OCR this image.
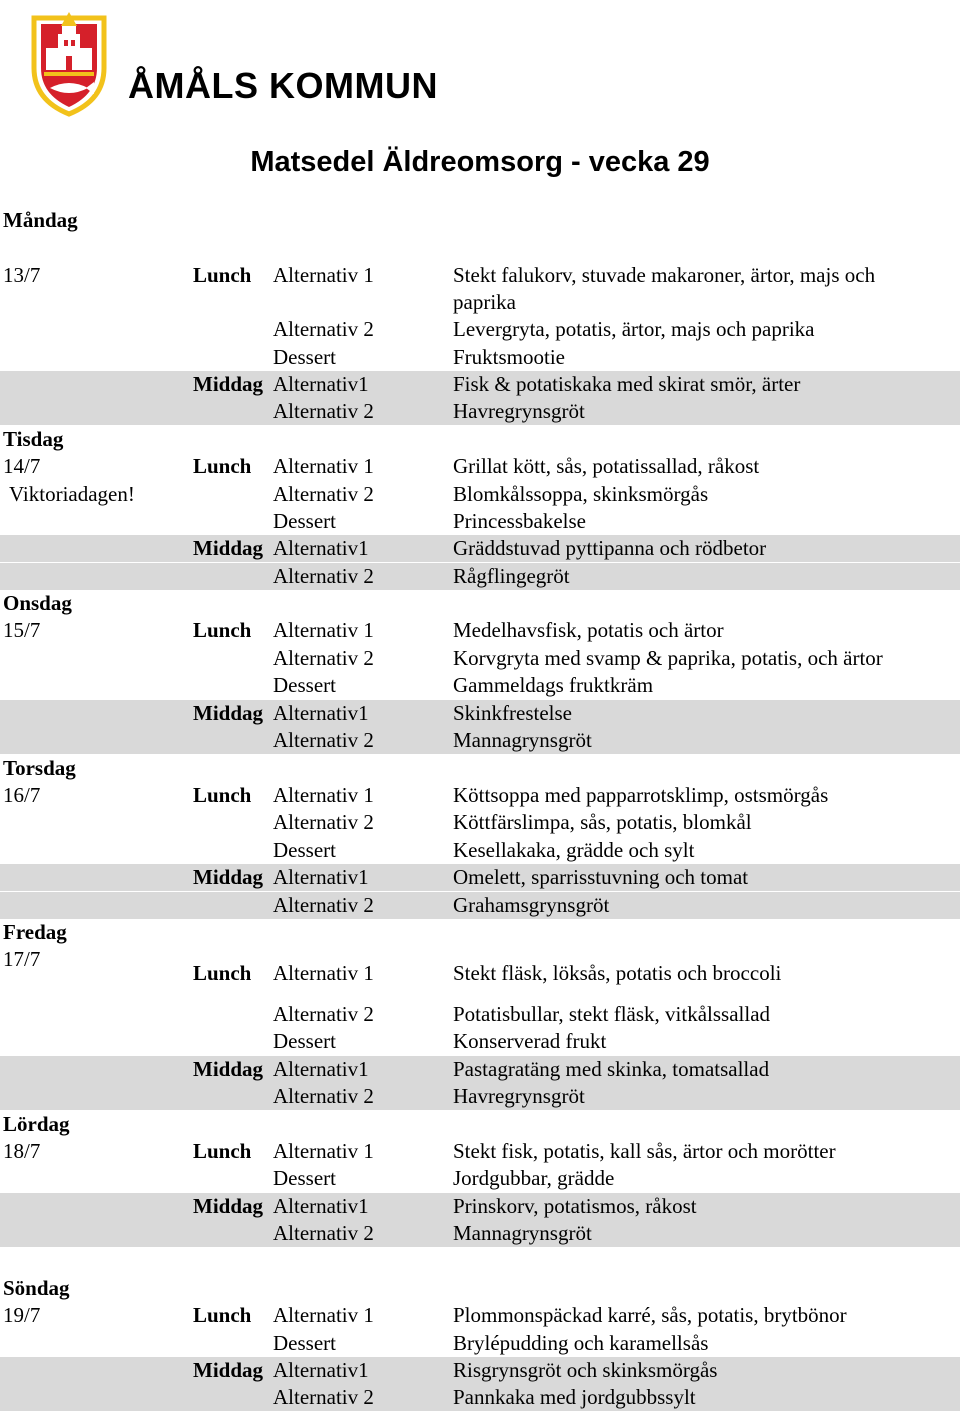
ÅMÅLS KOMMUN
Matsedel Äldreomsorg - vecka 29
Måndag
13/7	Lunch Alternativ 1	Stekt falukorv, stuvade makaroner, ärtor, majs och
paprika
Alternativ 2	Levergryta, potatis, ärtor, majs och paprika
Dessert	Fruktsmootie
Middag Alternativ1	Fisk & potatiskaka med skirat smör, ärter
Alternativ 2	Havregrynsgröt
Tisdag
14/7	Lunch Alternativ 1	Grillat kött, sås, potatissallad, råkost
Viktoriadagen!	Alternativ 2	Blomkålssoppa, skinksmörgås
Dessert	Princessbakelse
Middag Alternativ1	Gräddstuvad pyttipanna och rödbetor
Alternativ 2	Rågflingegröt
Onsdag
15/7	Lunch Alternativ 1	Medelhavsfisk, potatis och ärtor
Alternativ 2	Korvgryta med svamp & paprika, potatis, och ärtor
Dessert	Gammeldags fruktkräm
Middag Alternativ1	Skinkfrestelse
Alternativ 2	Mannagrynsgröt
Torsdag
16/7	Lunch Alternativ 1	Köttsoppa med papparrotsklimp, ostsmörgås
Alternativ 2	Köttfärslimpa, sås, potatis, blomkål
Dessert	Kesellakaka, grädde och sylt
Middag Alternativ1	Omelett, sparrisstuvning och tomat
Alternativ 2	Grahamsgrynsgröt
Fredag
17/7
Lunch Alternativ 1	Stekt fläsk, löksås, potatis och broccoli
Alternativ 2	Potatisbullar, stekt fläsk, vitkålssallad
Dessert	Konserverad frukt
Middag Alternativ1	Pastagratäng med skinka, tomatsallad
Alternativ 2	Havregrynsgröt
Lördag
18/7	Lunch Alternativ 1	Stekt fisk, potatis, kall sås, ärtor och morötter
Dessert	Jordgubbar, grädde
Middag Alternativ1	Prinskorv, potatismos, råkost
Alternativ 2	Mannagrynsgröt
Söndag
19/7	Lunch Alternativ 1	Plommonspäckad karré, sås, potatis, brytbönor
Dessert	Brylépudding och karamellsås
Middag Alternativ1	Risgrynsgröt och skinksmörgås
Alternativ 2	Pannkaka med jordgubbssylt
